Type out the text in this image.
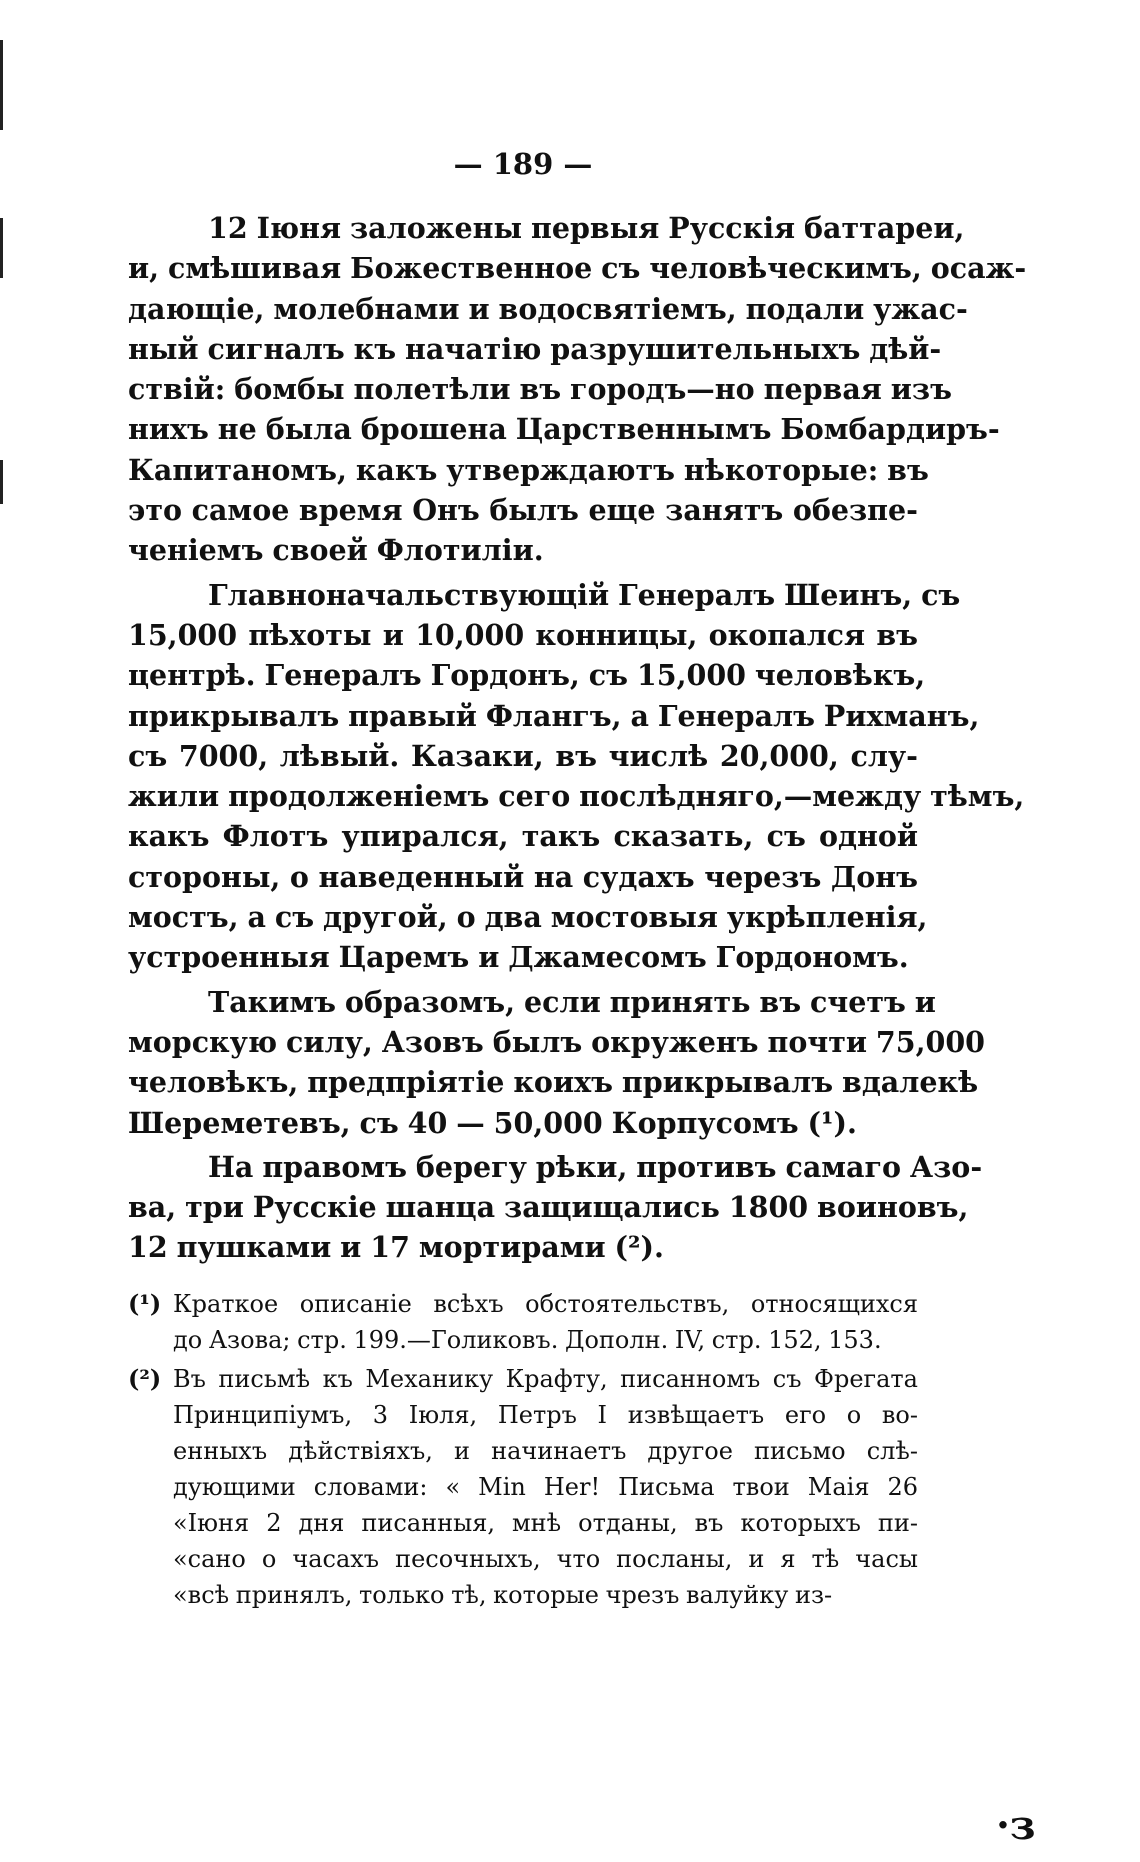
— 189 —

12 Іюня заложены первыя Русскія баттареи,
и, смѣшивая Божественное съ человѣческимъ, осаж-
дающіе, молебнами и водосвятіемъ, подали ужас-
ный сигналъ къ начатію разрушительныхъ дѣй-
ствій: бомбы полетѣли въ городъ—но первая изъ
нихъ не была брошена Царственнымъ Бомбардиръ-
Капитаномъ, какъ утверждаютъ нѣкоторые: въ
это самое время Онъ былъ еще занятъ обезпе-
ченіемъ своей Флотиліи.

Главноначальствующій Генералъ Шеинъ, съ
15,000 пѣхоты и 10,000 конницы, окопался въ
центрѣ. Генералъ Гордонъ, съ 15,000 человѣкъ,
прикрывалъ правый Флангъ, а Генералъ Рихманъ,
съ 7000, лѣвый. Казаки, въ числѣ 20,000, слу-
жили продолженіемъ сего послѣдняго,—между тѣмъ,
какъ Флотъ упирался, такъ сказать, съ одной
стороны, о наведенный на судахъ черезъ Донъ
мостъ, а съ другой, о два мостовыя укрѣпленія,
устроенныя Царемъ и Джамесомъ Гордономъ.

Такимъ образомъ, если принять въ счетъ и
морскую силу, Азовъ былъ окруженъ почти 75,000
человѣкъ, предпріятіе коихъ прикрывалъ вдалекѣ
Шереметевъ, съ 40 — 50,000 Корпусомъ (¹).

На правомъ берегу рѣки, противъ самаго Азо-
ва, три Русскіе шанца защищались 1800 воиновъ,
12 пушками и 17 мортирами (²).

(¹) Краткое описаніе всѣхъ обстоятельствъ, относящихся
до Азова; стр. 199.—Голиковъ. Дополн. IV, стр. 152, 153.
(²) Въ письмѣ къ Механику Крафту, писанномъ съ Фрегата
Принципіумъ, 3 Іюля, Петръ I извѣщаетъ его о во-
енныхъ дѣйствіяхъ, и начинаетъ другое письмо слѣ-
дующими словами: « Min Her! Письма твои Маія 26
«Іюня 2 дня писанныя, мнѣ отданы, въ которыхъ пи-
«сано о часахъ песочныхъ, что посланы, и я тѣ часы
«всѣ принялъ, только тѣ, которые чрезъ валуйку из-
·з
